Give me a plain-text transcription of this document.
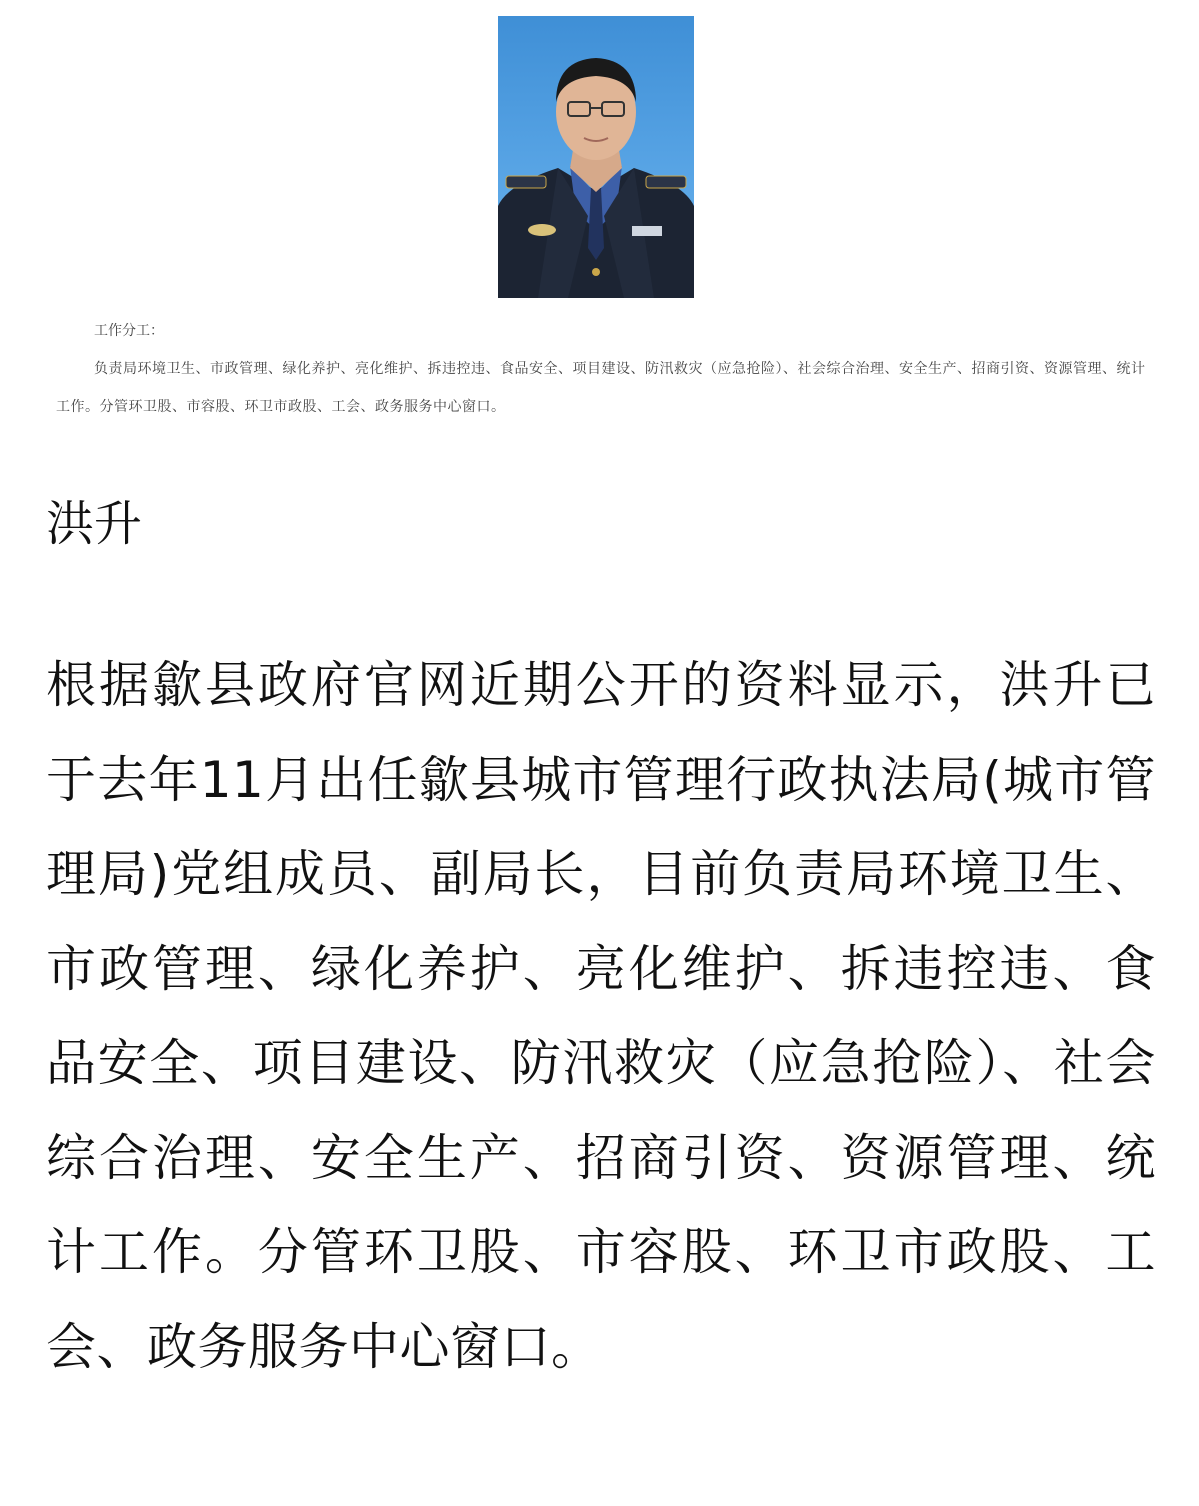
工作分工：
负责局环境卫生、市政管理、绿化养护、亮化维护、拆违控违、食品安全、项目建设、防汛救灾（应急抢险）、社会综合治理、安全生产、招商引资、资源管理、统计工作。分管环卫股、市容股、环卫市政股、工会、政务服务中心窗口。
洪升

根据歙县政府官网近期公开的资料显示，洪升已于去年11月出任歙县城市管理行政执法局(城市管理局)党组成员、副局长，目前负责局环境卫生、市政管理、绿化养护、亮化维护、拆违控违、食品安全、项目建设、防汛救灾（应急抢险）、社会综合治理、安全生产、招商引资、资源管理、统计工作。分管环卫股、市容股、环卫市政股、工会、政务服务中心窗口。
